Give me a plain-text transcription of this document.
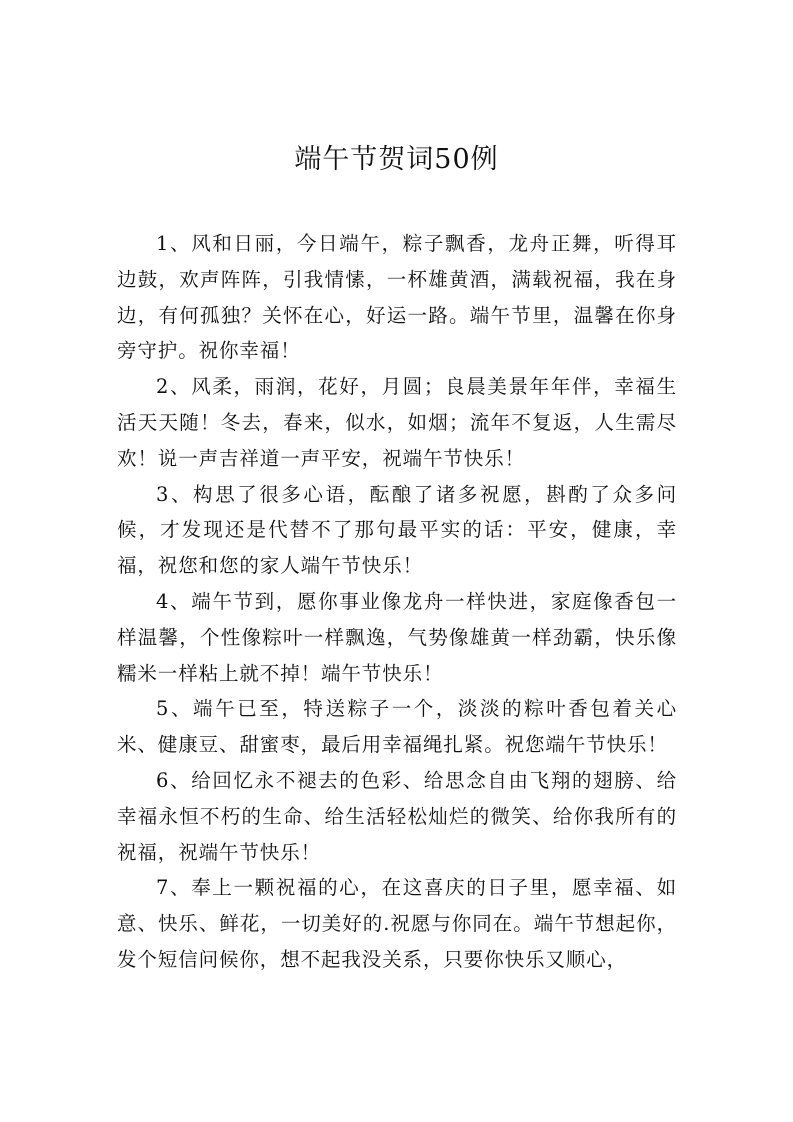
端午节贺词50例

1、风和日丽，今日端午，粽子飘香，龙舟正舞，听得耳边鼓，欢声阵阵，引我情愫，一杯雄黄酒，满载祝福，我在身边，有何孤独？关怀在心，好运一路。端午节里，温馨在你身旁守护。祝你幸福！

2、风柔，雨润，花好，月圆；良晨美景年年伴，幸福生活天天随！冬去，春来，似水，如烟；流年不复返，人生需尽欢！说一声吉祥道一声平安，祝端午节快乐！

3、构思了很多心语，酝酿了诸多祝愿，斟酌了众多问候，才发现还是代替不了那句最平实的话：平安，健康，幸福，祝您和您的家人端午节快乐！

4、端午节到，愿你事业像龙舟一样快进，家庭像香包一样温馨，个性像粽叶一样飘逸，气势像雄黄一样劲霸，快乐像糯米一样粘上就不掉！端午节快乐！

5、端午已至，特送粽子一个，淡淡的粽叶香包着关心米、健康豆、甜蜜枣，最后用幸福绳扎紧。祝您端午节快乐！

6、给回忆永不褪去的色彩、给思念自由飞翔的翅膀、给幸福永恒不朽的生命、给生活轻松灿烂的微笑、给你我所有的祝福，祝端午节快乐！

7、奉上一颗祝福的心，在这喜庆的日子里，愿幸福、如意、快乐、鲜花，一切美好的.祝愿与你同在。端午节想起你，发个短信问候你，想不起我没关系，只要你快乐又顺心，
